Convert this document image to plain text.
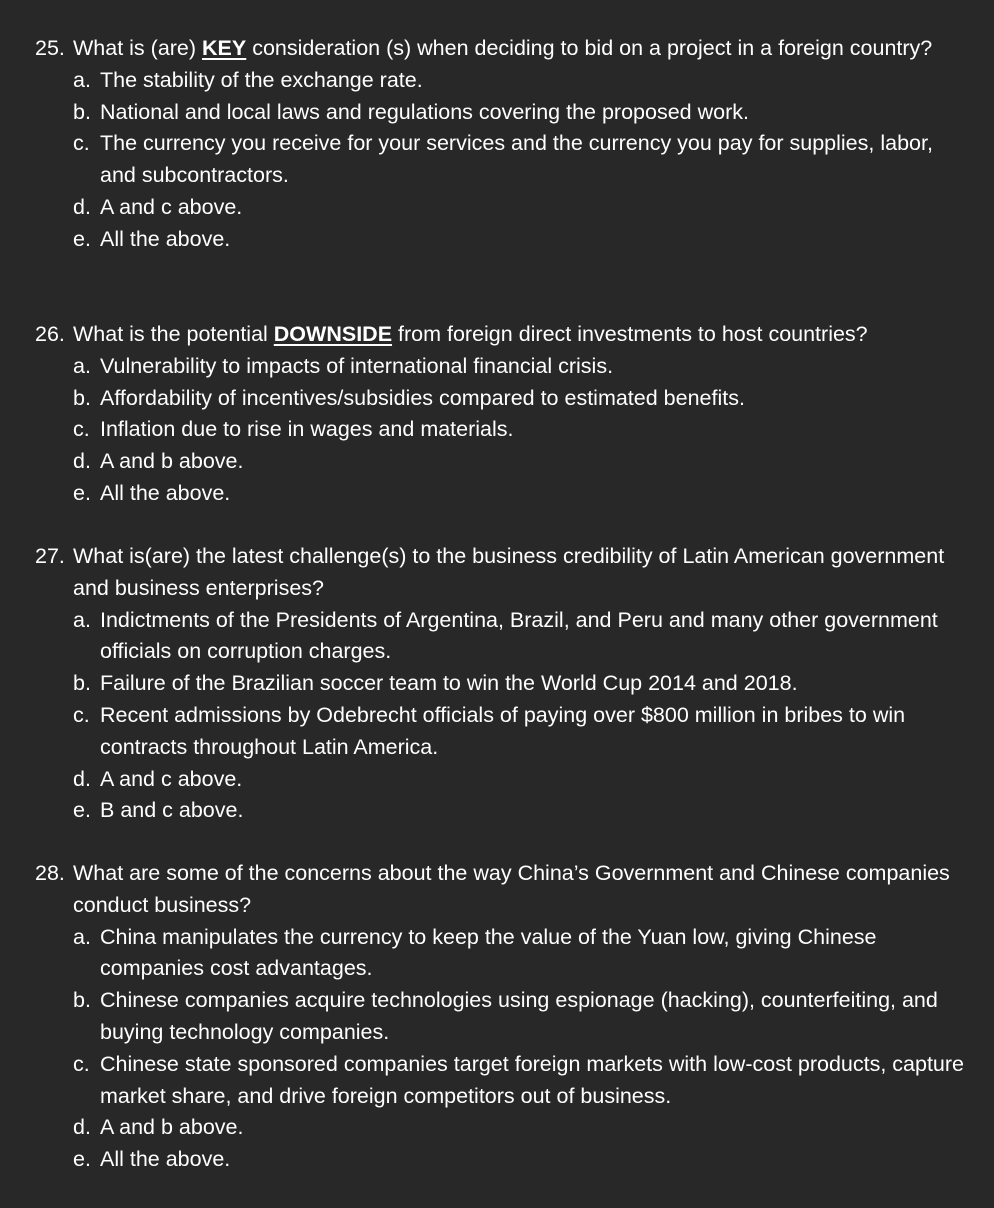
25. What is (are) KEY consideration (s) when deciding to bid on a project in a foreign country?
a. The stability of the exchange rate.
b. National and local laws and regulations covering the proposed work.
c. The currency you receive for your services and the currency you pay for supplies, labor, and subcontractors.
d. A and c above.
e. All the above.
26. What is the potential DOWNSIDE from foreign direct investments to host countries?
a. Vulnerability to impacts of international financial crisis.
b. Affordability of incentives/subsidies compared to estimated benefits.
c. Inflation due to rise in wages and materials.
d. A and b above.
e. All the above.
27. What is(are) the latest challenge(s) to the business credibility of Latin American government and business enterprises?
a. Indictments of the Presidents of Argentina, Brazil, and Peru and many other government officials on corruption charges.
b. Failure of the Brazilian soccer team to win the World Cup 2014 and 2018.
c. Recent admissions by Odebrecht officials of paying over $800 million in bribes to win contracts throughout Latin America.
d. A and c above.
e. B and c above.
28. What are some of the concerns about the way China’s Government and Chinese companies conduct business?
a. China manipulates the currency to keep the value of the Yuan low, giving Chinese companies cost advantages.
b. Chinese companies acquire technologies using espionage (hacking), counterfeiting, and buying technology companies.
c. Chinese state sponsored companies target foreign markets with low-cost products, capture market share, and drive foreign competitors out of business.
d. A and b above.
e. All the above.
